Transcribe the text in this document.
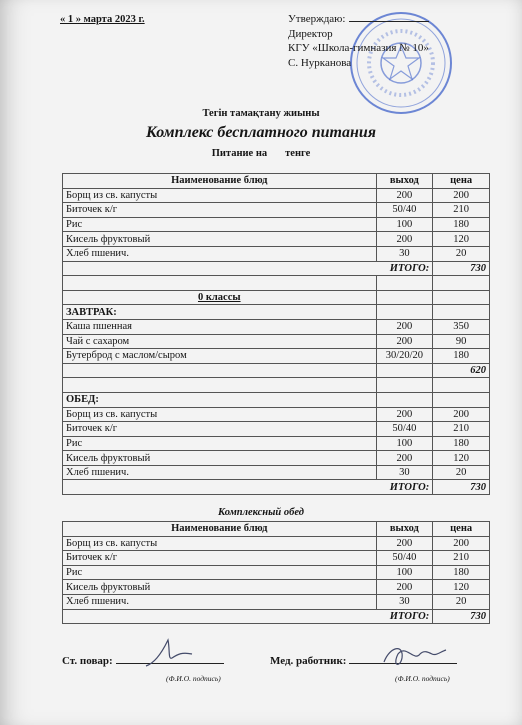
« 1 » марта 2023 г.	Утверждаю:
Директор
КГУ «Школа-гимназия № 10»
С. Нурканова
Тегін тамақтану жиыны
Комплекс бесплатного питания
Питание на тенге
Наименование блюд	выход	цена
Борщ из св. капусты	200	200
Биточек к/г	50/40	210
Рис	100	180
Кисель фруктовый	200	120
Хлеб пшенич.	30	20
ИТОГО:		730

0 классы		
ЗАВТРАК:		
Каша пшенная	200	350
Чай с сахаром	200	90
Бутерброд с маслом/сыром	30/20/20	180
		620

ОБЕД:		
Борщ из св. капусты	200	200
Биточек к/г	50/40	210
Рис	100	180
Кисель фруктовый	200	120
Хлеб пшенич.	30	20
ИТОГО:		730
Комплексный обед
Наименование блюд	выход	цена
Борщ из св. капусты	200	200
Биточек к/г	50/40	210
Рис	100	180
Кисель фруктовый	200	120
Хлеб пшенич.	30	20
ИТОГО:		730
Ст. повар:
(Ф.И.О. подпись)
Мед. работник:
(Ф.И.О. подпись)
